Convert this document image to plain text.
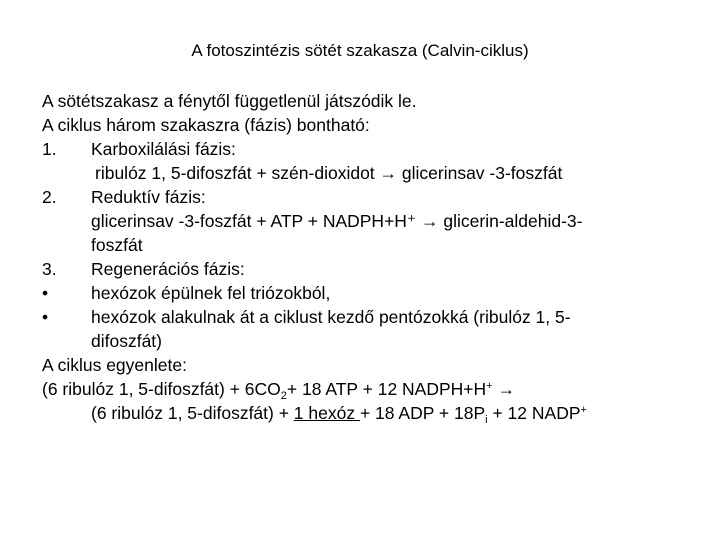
A fotoszintézis sötét szakasza (Calvin-ciklus)
A sötétszakasz a fénytől függetlenül játszódik le.
A ciklus három szakaszra (fázis) bontható:
1.	Karboxilálási fázis:
ribulóz 1, 5-difoszfát + szén-dioxidot → glicerinsav -3-foszfát
2.	Reduktív fázis:
glicerinsav -3-foszfát + ATP + NADPH+H⁺ → glicerin-aldehid-3-
foszfát
3.	Regenerációs fázis:
•	hexózok épülnek fel triózokból,
•	hexózok alakulnak át a ciklust kezdő pentózokká (ribulóz 1, 5-
difoszfát)
A ciklus egyenlete:
(6 ribulóz 1, 5-difoszfát) + $6CO_2+ 18$ ATP + 12 NADPH+H+ →
(6 ribulóz 1, 5-difoszfát) + 1 hexóz + 18 ADP + $18P_i + 12$ NADP+
